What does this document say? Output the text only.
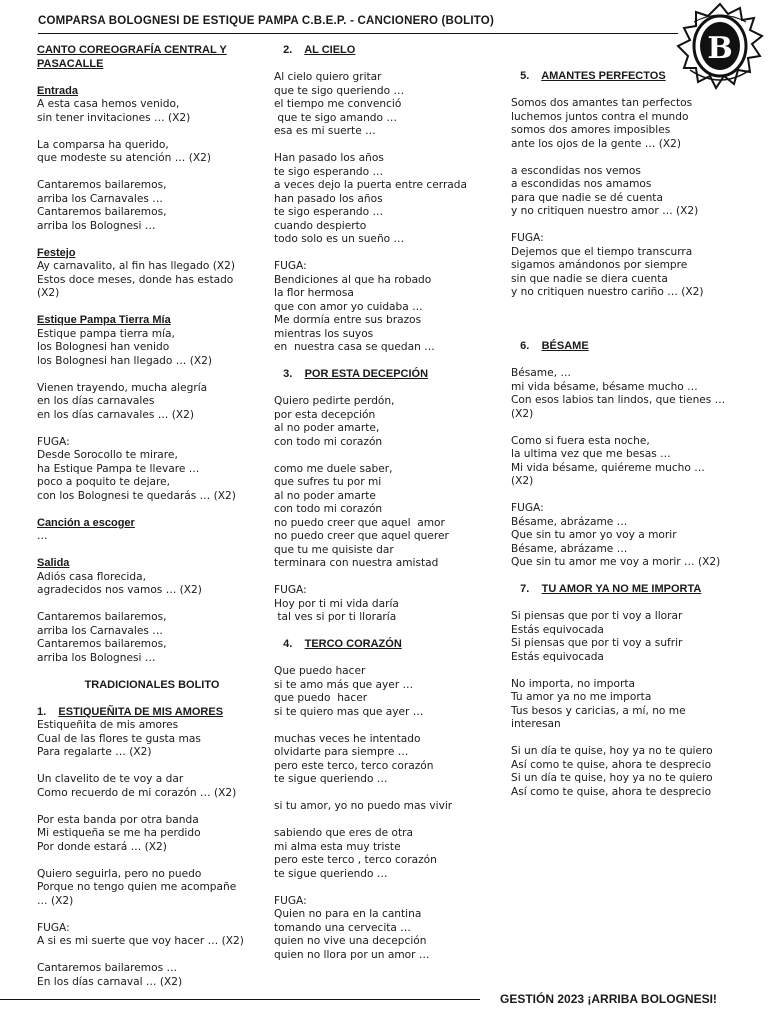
COMPARSA BOLOGNESI DE ESTIQUE PAMPA C.B.E.P. - CANCIONERO (BOLITO)
B
CANTO COREOGRAFÍA CENTRAL Y
PASACALLE
Entrada
A esta casa hemos venido,
sin tener invitaciones … (X2)
La comparsa ha querido,
que modeste su atención … (X2)
Cantaremos bailaremos,
arriba los Carnavales …
Cantaremos bailaremos,
arriba los Bolognesi …
Festejo
Ay carnavalito, al fin has llegado (X2)
Estos doce meses, donde has estado
(X2)
Estique Pampa Tierra Mía
Estique pampa tierra mía,
los Bolognesi han venido
los Bolognesi han llegado … (X2)
Vienen trayendo, mucha alegría
en los días carnavales
en los días carnavales … (X2)
FUGA:
Desde Sorocollo te mirare,
ha Estique Pampa te llevare …
poco a poquito te dejare,
con los Bolognesi te quedarás … (X2)
Canción a escoger
…
Salida
Adiós casa florecida,
agradecidos nos vamos … (X2)
Cantaremos bailaremos,
arriba los Carnavales …
Cantaremos bailaremos,
arriba los Bolognesi …
TRADICIONALES BOLITO
1. ESTIQUEÑITA DE MIS AMORES
Estiqueñita de mis amores
Cual de las flores te gusta mas
Para regalarte … (X2)
Un clavelito de te voy a dar
Como recuerdo de mi corazón … (X2)
Por esta banda por otra banda
Mi estiqueña se me ha perdido
Por donde estará … (X2)
Quiero seguirla, pero no puedo
Porque no tengo quien me acompañe
… (X2)
FUGA:
A si es mi suerte que voy hacer … (X2)
Cantaremos bailaremos …
En los días carnaval … (X2)
2. AL CIELO
Al cielo quiero gritar
que te sigo queriendo …
el tiempo me convenció
que te sigo amando …
esa es mi suerte …
Han pasado los años
te sigo esperando …
a veces dejo la puerta entre cerrada
han pasado los años
te sigo esperando …
cuando despierto
todo solo es un sueño …
FUGA:
Bendiciones al que ha robado
la flor hermosa
que con amor yo cuidaba …
Me dormía entre sus brazos
mientras los suyos
en  nuestra casa se quedan …
3. POR ESTA DECEPCIÓN
Quiero pedirte perdón,
por esta decepción
al no poder amarte,
con todo mi corazón
como me duele saber,
que sufres tu por mi
al no poder amarte
con todo mi corazón
no puedo creer que aquel  amor
no puedo creer que aquel querer
que tu me quisiste dar
terminara con nuestra amistad
FUGA:
Hoy por ti mi vida daría
tal ves si por ti lloraría
4. TERCO CORAZÓN
Que puedo hacer
si te amo más que ayer …
que puedo  hacer
si te quiero mas que ayer …
muchas veces he intentado
olvidarte para siempre …
pero este terco, terco corazón
te sigue queriendo …
si tu amor, yo no puedo mas vivir
sabiendo que eres de otra
mi alma esta muy triste
pero este terco , terco corazón
te sigue queriendo …
FUGA:
Quien no para en la cantina
tomando una cervecita …
quien no vive una decepción
quien no llora por un amor …
5. AMANTES PERFECTOS
Somos dos amantes tan perfectos
luchemos juntos contra el mundo
somos dos amores imposibles
ante los ojos de la gente … (X2)
a escondidas nos vemos
a escondidas nos amamos
para que nadie se dé cuenta
y no critiquen nuestro amor … (X2)
FUGA:
Dejemos que el tiempo transcurra
sigamos amándonos por siempre
sin que nadie se diera cuenta
y no critiquen nuestro cariño … (X2)
6. BÉSAME
Bésame, …
mi vida bésame, bésame mucho …
Con esos labios tan lindos, que tienes …
(X2)
Como si fuera esta noche,
la ultima vez que me besas …
Mi vida bésame, quiéreme mucho …
(X2)
FUGA:
Bésame, abrázame …
Que sin tu amor yo voy a morir
Bésame, abrázame …
Que sin tu amor me voy a morir … (X2)
7. TU AMOR YA NO ME IMPORTA
Si piensas que por ti voy a llorar
Estás equivocada
Si piensas que por ti voy a sufrir
Estás equivocada
No importa, no importa
Tu amor ya no me importa
Tus besos y caricias, a mí, no me
interesan
Si un día te quise, hoy ya no te quiero
Así como te quise, ahora te desprecio
Si un día te quise, hoy ya no te quiero
Así como te quise, ahora te desprecio
GESTIÓN 2023 ¡ARRIBA BOLOGNESI!
